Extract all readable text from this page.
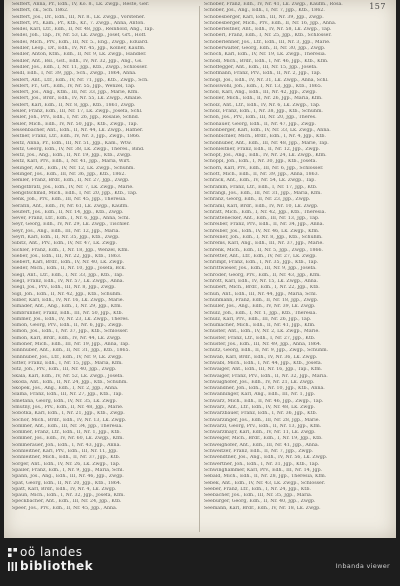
157
Seiffert, Anna, Pr., Edh., IV, Ko. 8., Lk. Zwgp., Reste, Ger.
Seiffert, ck., Sch. 1862.
Seiffert, Jos., Dr., Edh., III, Nr. 8., Lk. Zwgp., Vorsteher.
Seiffert, Pf., Kam., Pr., Ktb., Kr., 7. Zwgp., Anna, Anton.
Seidel, Karl, Ltr., Edh., II, Nr. 48, Jgp., Reinhold, Ang., Tap.
Seidel, Joh., Tap., IV, Nr. 53, Lk. Zwgp., Josef, Grt., Hoff.
Seidel, Mich., Prv., Edh., III, Nr. 5., Eng., Zwgp., Eduard.
Seidler, Leop., Dr., Edh., IV, Nr. 45, Jgp., Kolner, Kaufm.
Seidler, Anton, Ktm., Edh., II, Nr. 9, Lk. Zwgp., Handler.
Seidler, Ant., Bsl., Gst., Edh., IV, Nr. 32, Jgp., Ang., Gs.
Seidler, Jos., Edh., I, Nr. 11, Jgp., Ktb., Zwgp., Schlosser.
Seidl, Edh., I, Nr. 39, Jgp., Sch., Zwgp., 1864, Anna.
Seifert, Ant., Ltr., Edh., IV, Nr. 71, Jgp., Ktb., Zwgp., Sch.
Seifert, Fr., Grt., Edh., IV, Nr. 55, Jgp., Wenzel, Tap.
Seifert, Jos., Ang., Ktm., III, Nr. 33, Jgp., Marie, Kfm.
Seifert, Jos., Brdr., Edh., IV, Nr. 55, Lk. Zwgp., Amalie.
Seifert, Karl, Edh., II, Nr. 8, Jgp., Ktb., 1861, Zwgp.
Seiler, Franz, Edh., III, Nr. 17, Lk. Zwgp., Josefa, Schl.
Seiler, Joh., Prv., Edh., I, Nr. 26, Jgp., Rosalie, Schnd.
Seiler, Mich., Edh., IV, Nr. 50, Jgp., Ktb., Zwgp., Tap.
Seisenbacher, Ant., Edh., II, Nr. 44, Lk. Zwgp., Hafner.
Seitner, Franz, Ltr., Edh., IV, Nr. 3, Jgp., Zwgp., 1866.
Seitz, Anna, Pr., Edh., III, Nr. 51, Jgp., Kam., Wtw.
Seitz, Georg, Edh., IV, Nr. 38, Lk. Zwgp., Theres., Bind.
Seitz, Jos., Ang., Edh., II, Nr. 19, Jgp., Ktb., Zwgp.
Seitz, Karl, Prv., Edh., I, Nr. 41, Jgp., Maria, Wirt.
Selinger, Ant., Edh., IV, Nr. 12, Lk. Zwgp., Schuhm.
Selinger, Jos., Edh., III, Nr. 36, Jgp., Ktb., 1862.
Semler, Franz, Brdr., Edh., II, Nr. 27, Jgp., Zwgp.
Sengstbratl, Jos., Edh., IV, Nr. 7, Lk. Zwgp., Marie.
Sengstschmid, Mich., Edh., I, Nr. 20, Jgp., Ktb., Tap.
Senk, Joh., Prv., Edh., III, Nr. 45, Jgp., Theresia.
Serafin, Ant., Edh., IV, Nr. 61, Lk. Zwgp., Kaufm.
Seufert, Jos., Edh., II, Nr. 14, Jgp., Ktb., Zwgp.
Sever, Franz, Ltr., Edh., I, Nr. 6, Jgp., Anna, Schl.
Seyr, Georg, Edh., IV, Nr. 29, Lk. Zwgp., Tischler.
Seyr, Jos., Ang., Edh., III, Nr. 12, Jgp., Maria.
Seyrl, Karl, Edh., II, Nr. 35, Jgp., Ktb., Zwgp.
Sibitz, Ant., Prv., Edh., IV, Nr. 47, Lk. Zwgp.
Sichler, Franz, Edh., I, Nr. 18, Jgp., Wenzel, Kfm.
Sieber, Jos., Edh., III, Nr. 22, Jgp., Ktb., 1863.
Siebert, Karl, Brdr., Edh., IV, Nr. 40, Lk. Zwgp.
Sieder, Mich., Edh., II, Nr. 10, Jgp., Josefa, Bck.
Siegl, Ant., Ltr., Edh., I, Nr. 33, Jgp., Ktb., Tap.
Siegl, Franz, Edh., IV, Nr. 57, Lk. Zwgp., Anna.
Siegl, Jos., Prv., Edh., III, Nr. 8, Jgp., Zwgp.
Sigl, Joh., Edh., II, Nr. 42, Jgp., Ktb., Schuhm.
Silber, Karl, Edh., IV, Nr. 16, Lk. Zwgp., Marie.
Simader, Ant., Ang., Edh., I, Nr. 29, Jgp., Kfm.
Simbrunner, Franz, Edh., III, Nr. 50, Jgp., Ktb.
Simmer, Jos., Edh., IV, Nr. 23, Lk. Zwgp., Theres.
Simon, Georg, Prv., Edh., II, Nr. 6, Jgp., Zwgp.
Simon, Jos., Edh., I, Nr. 37, Jgp., Ktb., Schlosser.
Simon, Karl, Brdr., Edh., IV, Nr. 44, Lk. Zwgp.
Simoner, Mich., Edh., III, Nr. 19, Jgp., Anna, Tap.
Sinnhuber, Ant., Edh., II, Nr. 31, Jgp., Ktb., 1865.
Sinnhuber, Jos., Ltr., Edh., IV, Nr. 9, Lk. Zwgp.
Sitter, Franz, Edh., I, Nr. 15, Jgp., Maria, Kfm.
Sitz, Joh., Prv., Edh., III, Nr. 40, Jgp., Zwgp.
Skala, Karl, Edh., IV, Nr. 52, Lk. Zwgp., Josefa.
Skoda, Ant., Edh., II, Nr. 24, Jgp., Ktb., Schuhm.
Skopek, Jos., Ang., Edh., I, Nr. 2, Jgp., Anna.
Slama, Franz, Edh., III, Nr. 27, Jgp., Ktb., Tap.
Smetana, Georg, Edh., IV, Nr. 35, Lk. Zwgp.
Smutny, Jos., Prv., Edh., II, Nr. 48, Jgp., Marie.
Sobotka, Karl, Edh., I, Nr. 21, Jgp., Ktb., Zwgp.
Sochor, Mich., Brdr., Edh., IV, Nr. 13, Lk. Zwgp.
Sommer, Ant., Edh., III, Nr. 34, Jgp., Theresia.
Sommer, Franz, Ltr., Edh., II, Nr. 1, Jgp., Ktb.
Sommer, Jos., Edh., IV, Nr. 60, Lk. Zwgp., Kfm.
Sommerauer, Joh., Edh., I, Nr. 43, Jgp., Anna.
Sonnleitner, Karl, Prv., Edh., III, Nr. 11, Jgp.
Sonnleitner, Mich., Edh., II, Nr. 37, Jgp., Ktb.
Sorger, Ant., Edh., IV, Nr. 26, Lk. Zwgp., Tap.
Spaller, Franz, Edh., I, Nr. 9, Jgp., Maria, Schl.
Spann, Jos., Ang., Edh., III, Nr. 46, Jgp., Zwgp.
Spat, Georg, Edh., II, Nr. 20, Jgp., Ktb., 1864.
Spatt, Karl, Brdr., Edh., IV, Nr. 4, Lk. Zwgp.
Spaun, Mich., Edh., I, Nr. 32, Jgp., Josefa, Kfm.
Speckbacher, Ant., Edh., III, Nr. 24, Jgp., Ktb.
Speer, Jos., Prv., Edh., II, Nr. 45, Jgp., Anna.
Schober, Franz, Edh., IV, Nr. 41, Lk. Zwgp., Kaufm., Rosa.
Schober, Jos., Ang., Edh., I, Nr. 7, Jgp., Ktb., 1862.
Schobesberger, Karl, Edh., III, Nr. 39, Jgp., Zwgp.
Schobesberger, Mich., Prv., Edh., II, Nr. 16, Jgp., Anna.
Schoberleitner, Ant., Edh., IV, Nr. 58, Lk. Zwgp., Tap.
Schoberl, Franz, Edh., I, Nr. 25, Jgp., Ktb., Schlosser.
Schoberlehner, Jos., Ltr., Edh., III, Nr. 3, Jgp., Marie.
Schoberwalter, Georg, Edh., II, Nr. 30, Jgp., Zwgp.
Schoch, Karl, Edh., IV, Nr. 19, Lk. Zwgp., Theresia.
Schodl, Mich., Brdr., Edh., I, Nr. 46, Jgp., Ktb., Kfm.
Schoffegger, Ant., Edh., III, Nr. 15, Jgp., Josefa.
Schofmann, Franz, Prv., Edh., II, Nr. 2, Jgp., Tap.
Schogl, Jos., Edh., IV, Nr. 31, Lk. Zwgp., Anna, Schl.
Schoiswohl, Joh., Edh., I, Nr. 13, Jgp., Ktb., 1865.
Scholl, Karl, Ang., Edh., III, Nr. 42, Jgp., Zwgp.
Scholler, Mich., Edh., II, Nr. 26, Jgp., Maria, Kfm.
Scholz, Ant., Ltr., Edh., IV, Nr. 6, Lk. Zwgp., Tap.
Scholz, Franz, Edh., I, Nr. 38, Jgp., Ktb., Schuhm.
Schon, Jos., Prv., Edh., III, Nr. 20, Jgp., Theres.
Schonauer, Georg, Edh., II, Nr. 47, Jgp., Zwgp.
Schonberger, Karl, Edh., IV, Nr. 33, Lk. Zwgp., Anna.
Schonbichler, Mich., Brdr., Edh., I, Nr. 4, Jgp., Ktb.
Schonhuber, Ant., Edh., III, Nr. 48, Jgp., Marie, Tap.
Schonleitner, Franz, Edh., II, Nr. 12, Jgp., Zwgp.
Schopf, Jos., Ang., Edh., IV, Nr. 24, Lk. Zwgp., Kfm.
Schoppl, Joh., Edh., I, Nr. 30, Jgp., Ktb., Josefa.
Schorn, Karl, Prv., Edh., III, Nr. 6, Jgp., Schlosser.
Schott, Mich., Edh., II, Nr. 39, Jgp., Anna, 1863.
Schrack, Ant., Edh., IV, Nr. 54, Lk. Zwgp., Tap.
Schramm, Franz, Ltr., Edh., I, Nr. 17, Jgp., Ktb.
Schrangl, Jos., Edh., III, Nr. 31, Jgp., Maria, Kfm.
Schranz, Georg, Edh., II, Nr. 23, Jgp., Zwgp.
Schraml, Karl, Brdr., Edh., IV, Nr. 10, Lk. Zwgp.
Schratt, Mich., Edh., I, Nr. 42, Jgp., Ktb., Theresia.
Schrattenecker, Ant., Edh., III, Nr. 13, Jgp., Tap.
Schreiber, Franz, Prv., Edh., II, Nr. 34, Jgp., Anna.
Schreiber, Jos., Edh., IV, Nr. 46, Lk. Zwgp., Kfm.
Schreiner, Joh., Edh., I, Nr. 8, Jgp., Ktb., Schuhm.
Schrems, Karl, Ang., Edh., III, Nr. 37, Jgp., Marie.
Schrenk, Mich., Edh., II, Nr. 5, Jgp., Zwgp., 1866.
Schretter, Ant., Ltr., Edh., IV, Nr. 27, Lk. Zwgp.
Schrimpf, Franz, Edh., I, Nr. 35, Jgp., Ktb., Tap.
Schrittwieser, Jos., Edh., III, Nr. 9, Jgp., Josefa.
Schroder, Georg, Prv., Edh., II, Nr. 43, Jgp., Kfm.
Schrott, Karl, Edh., IV, Nr. 15, Lk. Zwgp., Anna.
Schubert, Mich., Brdr., Edh., I, Nr. 22, Jgp., Ktb.
Schuh, Ant., Edh., III, Nr. 44, Jgp., Maria, Schl.
Schuhmann, Franz, Edh., II, Nr. 18, Jgp., Zwgp.
Schuller, Jos., Ang., Edh., IV, Nr. 39, Lk. Zwgp.
Schulz, Joh., Edh., I, Nr. 1, Jgp., Ktb., Theresia.
Schulz, Karl, Prv., Edh., III, Nr. 26, Jgp., Tap.
Schumacher, Mich., Edh., II, Nr. 41, Jgp., Kfm.
Schuster, Ant., Edh., IV, Nr. 2, Lk. Zwgp., Marie.
Schuster, Franz, Ltr., Edh., I, Nr. 27, Jgp., Ktb.
Schuster, Jos., Edh., III, Nr. 49, Jgp., Anna, 1864.
Schutz, Georg, Edh., II, Nr. 9, Jgp., Zwgp., Schuhm.
Schwab, Karl, Brdr., Edh., IV, Nr. 36, Lk. Zwgp.
Schwabl, Mich., Edh., I, Nr. 44, Jgp., Ktb., Josefa.
Schwaiger, Ant., Edh., III, Nr. 16, Jgp., Tap., Kfm.
Schwaiger, Franz, Prv., Edh., II, Nr. 32, Jgp., Maria.
Schwaighofer, Jos., Edh., IV, Nr. 21, Lk. Zwgp.
Schwandner, Joh., Edh., I, Nr. 10, Jgp., Ktb., Anna.
Schwanninger, Karl, Ang., Edh., III, Nr. 1, Jgp.
Schwarz, Mich., Edh., II, Nr. 46, Jgp., Zwgp., Tap.
Schwarz, Ant., Ltr., Edh., IV, Nr. 48, Lk. Zwgp.
Schwarzbauer, Franz, Edh., I, Nr. 36, Jgp., Ktb.
Schwarzinger, Jos., Edh., III, Nr. 28, Jgp., Marie.
Schwarzl, Georg, Prv., Edh., II, Nr. 13, Jgp., Kfm.
Schwarzmayr, Karl, Edh., IV, Nr. 11, Lk. Zwgp.
Schweiger, Mich., Brdr., Edh., I, Nr. 19, Jgp., Ktb.
Schweighofer, Ant., Edh., III, Nr. 41, Jgp., Anna.
Schweitzer, Franz, Edh., II, Nr. 7, Jgp., Zwgp.
Schwendtner, Jos., Ang., Edh., IV, Nr. 56, Lk. Zwgp.
Schwertner, Joh., Edh., I, Nr. 31, Jgp., Ktb., Tap.
Schwinghammer, Karl, Prv., Edh., III, Nr. 14, Jgp.
Sebald, Mich., Edh., II, Nr. 28, Jgp., Theresia, Kfm.
Sebek, Ant., Edh., IV, Nr. 43, Lk. Zwgp., Schlosser.
Seeber, Franz, Ltr., Edh., I, Nr. 24, Jgp., Ktb.
Seebacher, Jos., Edh., III, Nr. 35, Jgp., Maria.
Seeburger, Georg, Edh., II, Nr. 40, Jgp., Zwgp.
Seemann, Karl, Brdr., Edh., IV, Nr. 18, Lk. Zwgp.
oö landes
bibliothek	Inbanda viewer
